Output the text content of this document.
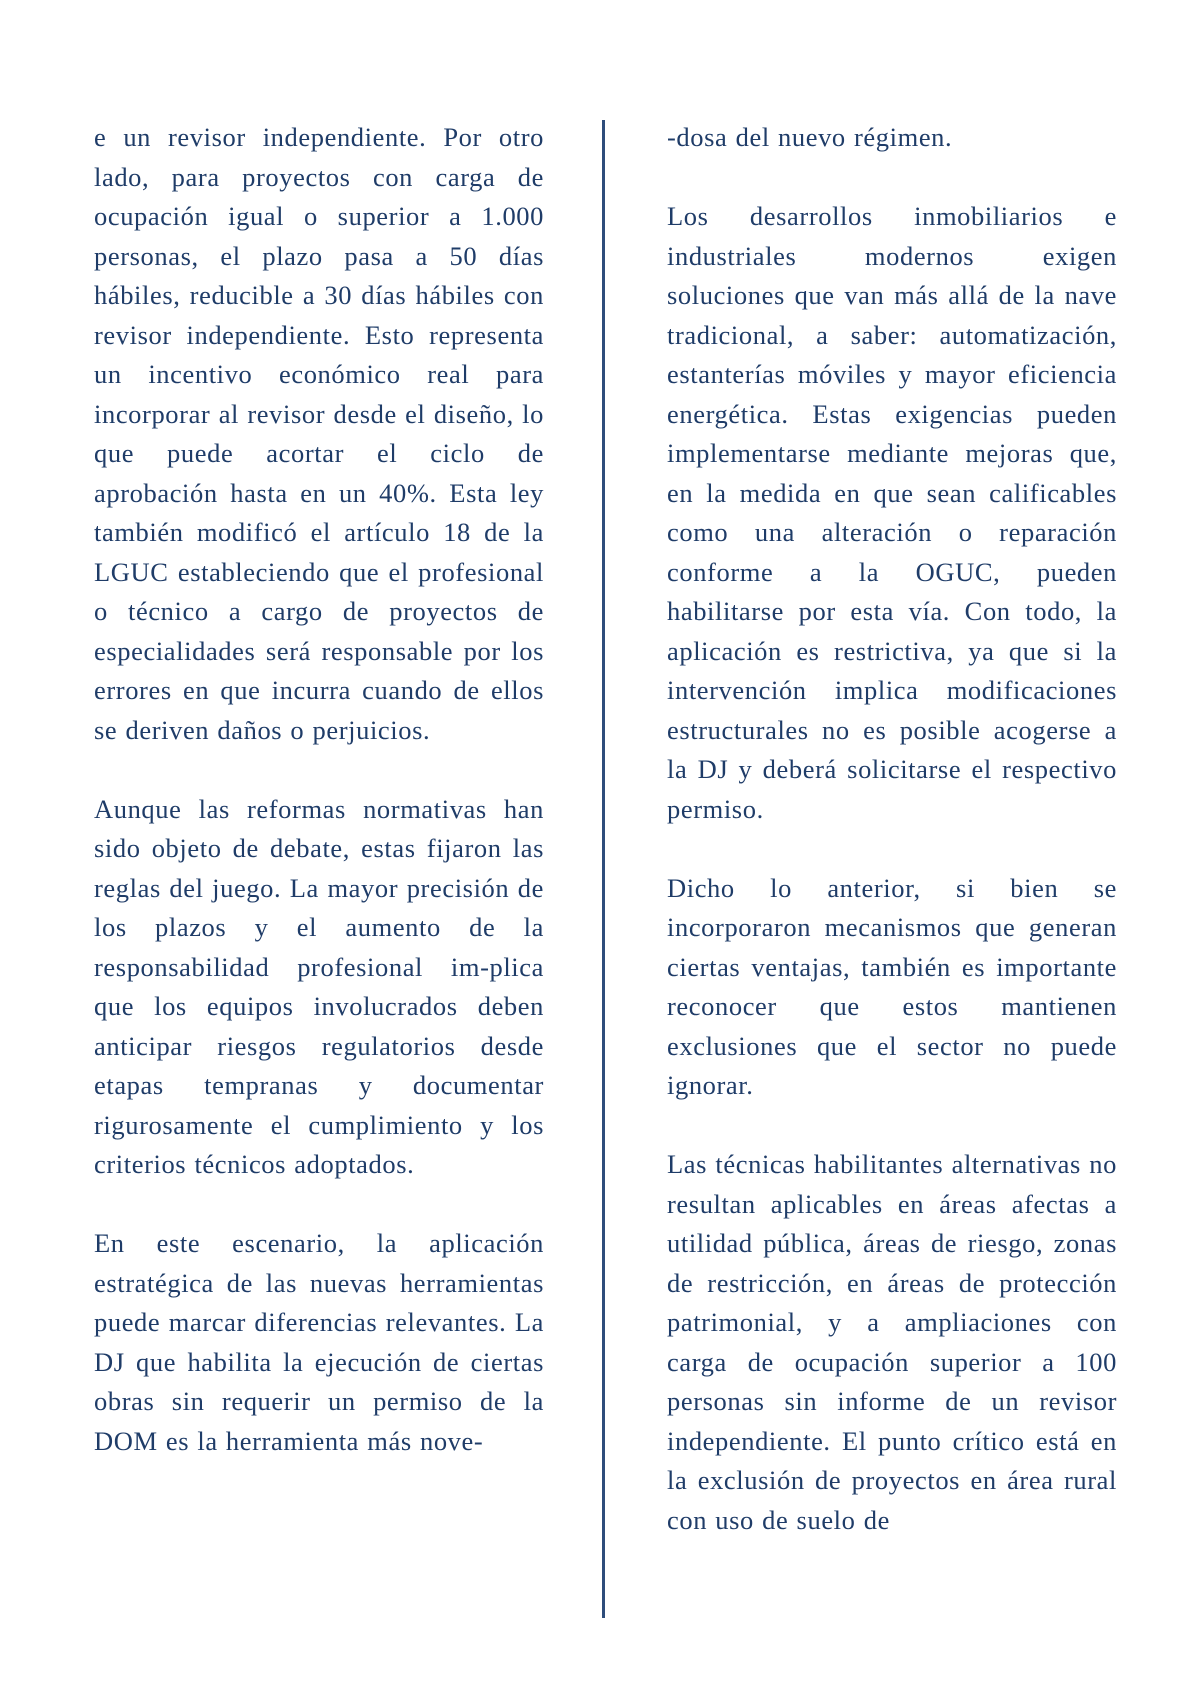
e un revisor independiente. Por otro lado, para proyectos con carga de ocupación igual o superior a 1.000 personas, el plazo pasa a 50 días hábiles, reducible a 30 días hábiles con revisor independiente. Esto representa un incentivo económico real para incorporar al revisor desde el diseño, lo que puede acortar el ciclo de aprobación hasta en un 40%. Esta ley también modificó el artículo 18 de la LGUC estableciendo que el profesional o técnico a cargo de proyectos de especialidades será responsable por los errores en que incurra cuando de ellos se deriven daños o perjuicios.

Aunque las reformas normativas han sido objeto de debate, estas fijaron las reglas del juego. La mayor precisión de los plazos y el aumento de la responsabilidad profesional im-plica que los equipos involucrados deben anticipar riesgos regulatorios desde etapas tempranas y documentar rigurosamente el cumplimiento y los criterios técnicos adoptados.

En este escenario, la aplicación estratégica de las nuevas herramientas puede marcar diferencias relevantes. La DJ que habilita la ejecución de ciertas obras sin requerir un permiso de la DOM es la herramienta más nove-

-dosa del nuevo régimen.

Los desarrollos inmobiliarios e industriales modernos exigen soluciones que van más allá de la nave tradicional, a saber: automatización, estanterías móviles y mayor eficiencia energética. Estas exigencias pueden implementarse mediante mejoras que, en la medida en que sean calificables como una alteración o reparación conforme a la OGUC, pueden habilitarse por esta vía. Con todo, la aplicación es restrictiva, ya que si la intervención implica modificaciones estructurales no es posible acogerse a la DJ y deberá solicitarse el respectivo permiso.

Dicho lo anterior, si bien se incorporaron mecanismos que generan ciertas ventajas, también es importante reconocer que estos mantienen exclusiones que el sector no puede ignorar.

Las técnicas habilitantes alternativas no resultan aplicables en áreas afectas a utilidad pública, áreas de riesgo, zonas de restricción, en áreas de protección patrimonial, y a ampliaciones con carga de ocupación superior a 100 personas sin informe de un revisor independiente. El punto crítico está en la exclusión de proyectos en área rural con uso de suelo de
